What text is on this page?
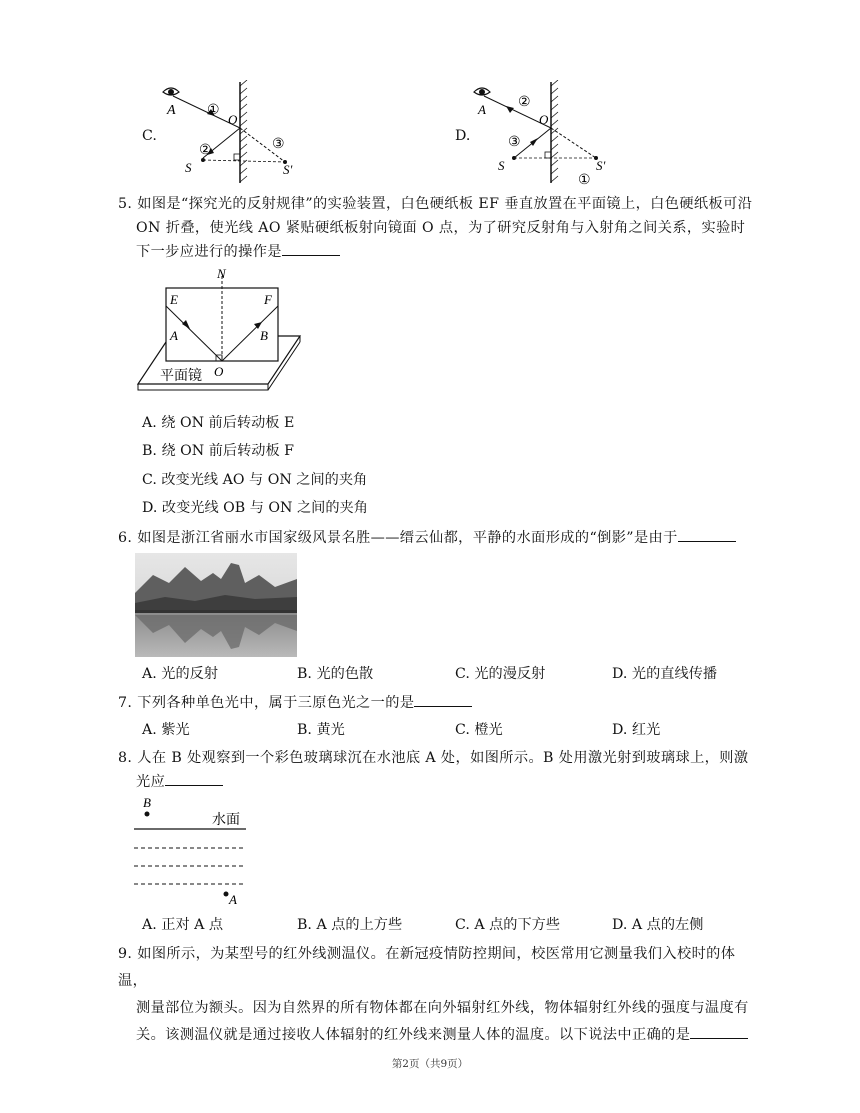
C.
A ①
O
②	③
S	S'
D.
A ②
O
③
S	S'
①
5. 如图是“探究光的反射规律”的实验装置，白色硬纸板 EF 垂直放置在平面镜上，白色硬纸板可沿
ON 折叠，使光线 AO 紧贴硬纸板射向镜面 O 点，为了研究反射角与入射角之间关系，实验时
下一步应进行的操作是
N
E	F
A	B
O
平面镜
A. 绕 ON 前后转动板 E
B. 绕 ON 前后转动板 F
C. 改变光线 AO 与 ON 之间的夹角
D. 改变光线 OB 与 ON 之间的夹角
6. 如图是浙江省丽水市国家级风景名胜——缙云仙都，平静的水面形成的“倒影”是由于
A. 光的反射	B. 光的色散	C. 光的漫反射	D. 光的直线传播
7. 下列各种单色光中，属于三原色光之一的是
A. 紫光	B. 黄光	C. 橙光	D. 红光
8. 人在 B 处观察到一个彩色玻璃球沉在水池底 A 处，如图所示。B 处用激光射到玻璃球上，则激
光应
B
水面
A
A. 正对 A 点	B. A 点的上方些	C. A 点的下方些	D. A 点的左侧
9. 如图所示，为某型号的红外线测温仪。在新冠疫情防控期间，校医常用它测量我们入校时的体温，
测量部位为额头。因为自然界的所有物体都在向外辐射红外线，物体辐射红外线的强度与温度有
关。该测温仪就是通过接收人体辐射的红外线来测量人体的温度。以下说法中正确的是
第2页（共9页）
